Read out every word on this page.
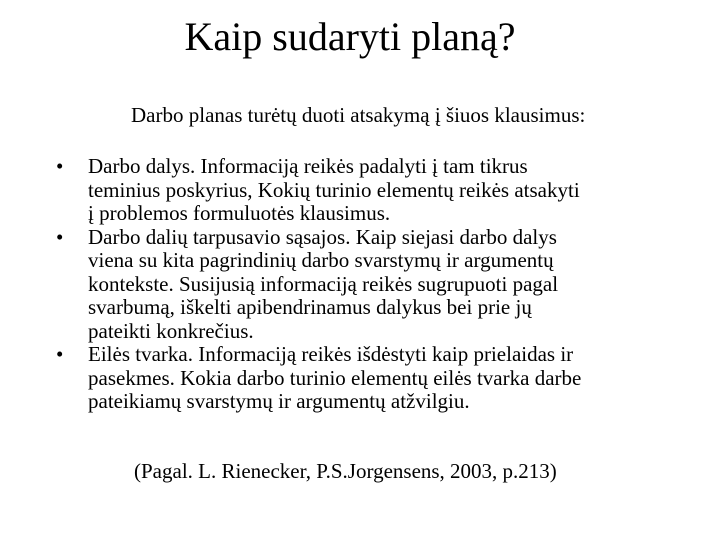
Kaip sudaryti planą?
Darbo planas turėtų duoti atsakymą į šiuos klausimus:
•	Darbo dalys. Informaciją reikės padalyti į tam tikrus
teminius poskyrius, Kokių turinio elementų reikės atsakyti
į problemos formuluotės klausimus.
•	Darbo dalių tarpusavio sąsajos. Kaip siejasi darbo dalys
viena su kita pagrindinių darbo svarstymų ir argumentų
kontekste. Susijusią informaciją reikės sugrupuoti pagal
svarbumą, iškelti apibendrinamus dalykus bei prie jų
pateikti konkrečius.
•	Eilės tvarka. Informaciją reikės išdėstyti kaip prielaidas ir
pasekmes. Kokia darbo turinio elementų eilės tvarka darbe
pateikiamų svarstymų ir argumentų atžvilgiu.
(Pagal. L. Rienecker, P.S.Jorgensens, 2003, p.213)
